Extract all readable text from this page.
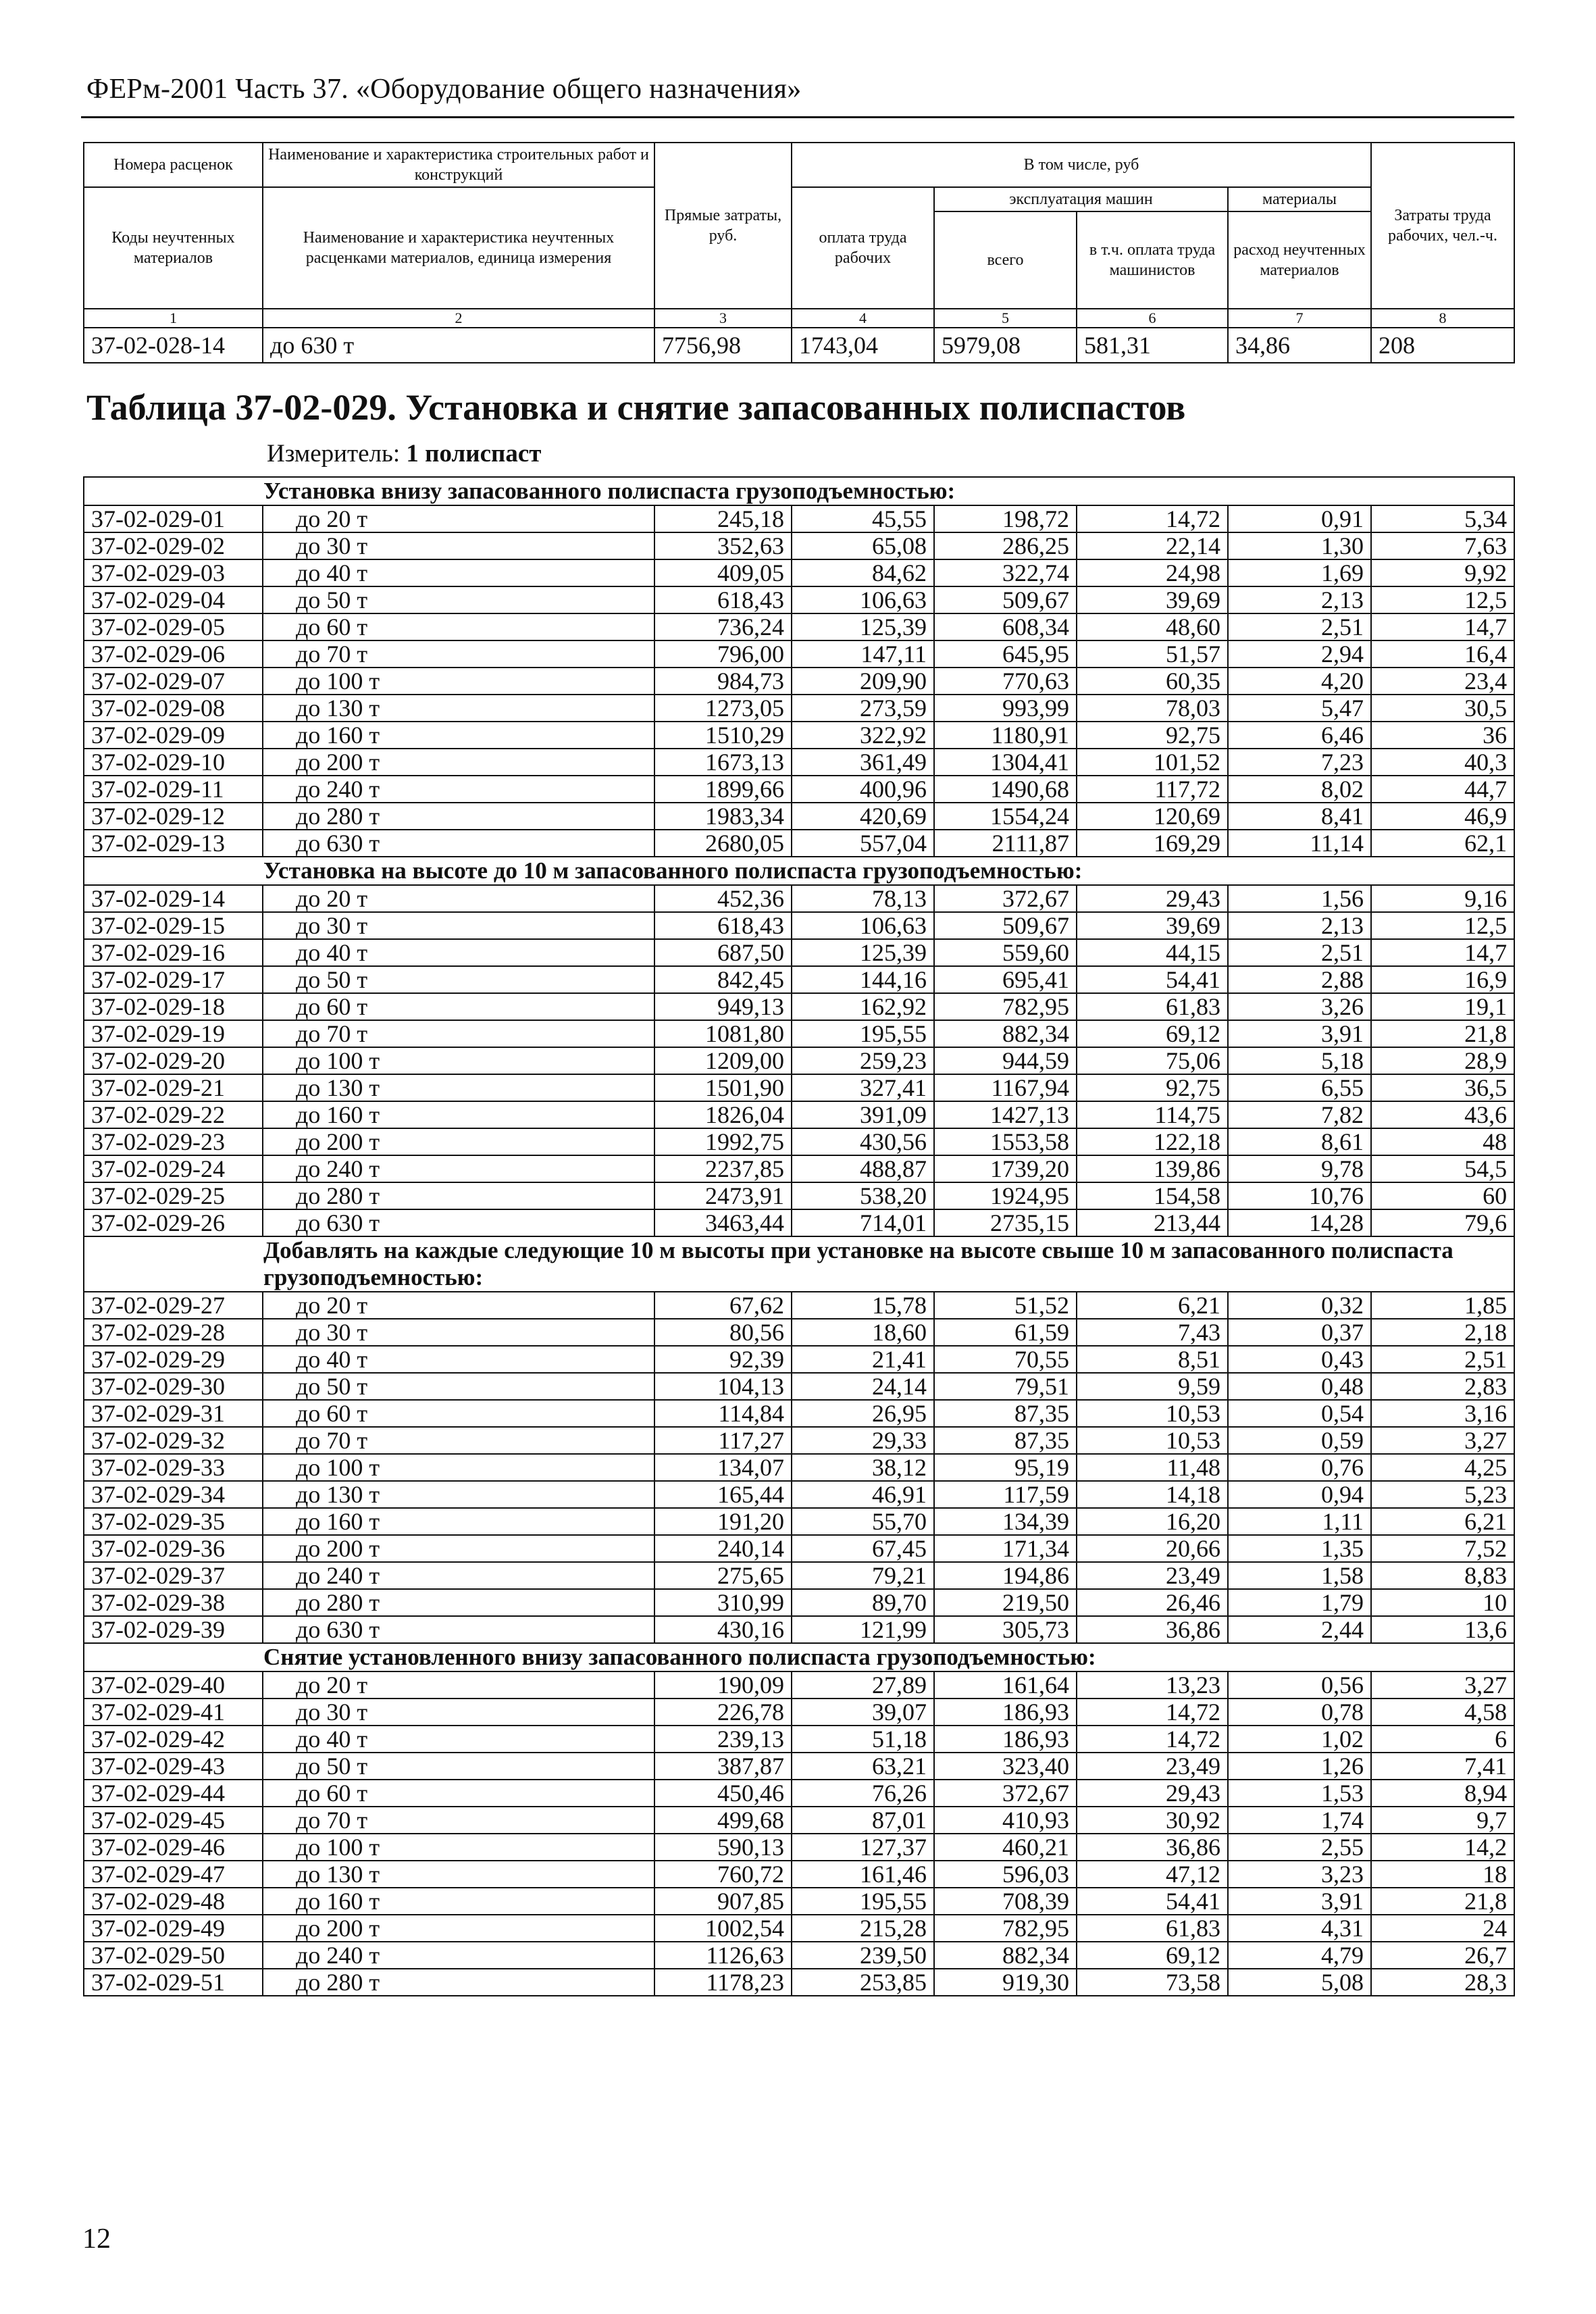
ФЕРм-2001 Часть 37. «Оборудование общего назначения»
Номера расценок	Наименование и характеристика строительных работ и конструкций	Прямые затраты, руб.	В том числе, руб				Затраты труда рабочих, чел.-ч.
Коды неучтенных материалов	Наименование и характеристика неучтенных расценками материалов, единица измерения		оплата труда рабочих	эксплуатация машин		материалы	
				всего	в т.ч. оплата труда машинистов	расход неучтенных материалов	
1	2	3	4	5	6	7	8
37-02-028-14	до 630 т	7756,98	1743,04	5979,08	581,31	34,86	208
Таблица 37-02-029. Установка и снятие запасованных полиспастов
Измеритель: 1 полиспаст
Установка внизу запасованного полиспаста грузоподъемностью:							
37-02-029-01	до 20 т	245,18	45,55	198,72	14,72	0,91	5,34
37-02-029-02	до 30 т	352,63	65,08	286,25	22,14	1,30	7,63
37-02-029-03	до 40 т	409,05	84,62	322,74	24,98	1,69	9,92
37-02-029-04	до 50 т	618,43	106,63	509,67	39,69	2,13	12,5
37-02-029-05	до 60 т	736,24	125,39	608,34	48,60	2,51	14,7
37-02-029-06	до 70 т	796,00	147,11	645,95	51,57	2,94	16,4
37-02-029-07	до 100 т	984,73	209,90	770,63	60,35	4,20	23,4
37-02-029-08	до 130 т	1273,05	273,59	993,99	78,03	5,47	30,5
37-02-029-09	до 160 т	1510,29	322,92	1180,91	92,75	6,46	36
37-02-029-10	до 200 т	1673,13	361,49	1304,41	101,52	7,23	40,3
37-02-029-11	до 240 т	1899,66	400,96	1490,68	117,72	8,02	44,7
37-02-029-12	до 280 т	1983,34	420,69	1554,24	120,69	8,41	46,9
37-02-029-13	до 630 т	2680,05	557,04	2111,87	169,29	11,14	62,1
Установка на высоте до 10 м запасованного полиспаста грузоподъемностью:							
37-02-029-14	до 20 т	452,36	78,13	372,67	29,43	1,56	9,16
37-02-029-15	до 30 т	618,43	106,63	509,67	39,69	2,13	12,5
37-02-029-16	до 40 т	687,50	125,39	559,60	44,15	2,51	14,7
37-02-029-17	до 50 т	842,45	144,16	695,41	54,41	2,88	16,9
37-02-029-18	до 60 т	949,13	162,92	782,95	61,83	3,26	19,1
37-02-029-19	до 70 т	1081,80	195,55	882,34	69,12	3,91	21,8
37-02-029-20	до 100 т	1209,00	259,23	944,59	75,06	5,18	28,9
37-02-029-21	до 130 т	1501,90	327,41	1167,94	92,75	6,55	36,5
37-02-029-22	до 160 т	1826,04	391,09	1427,13	114,75	7,82	43,6
37-02-029-23	до 200 т	1992,75	430,56	1553,58	122,18	8,61	48
37-02-029-24	до 240 т	2237,85	488,87	1739,20	139,86	9,78	54,5
37-02-029-25	до 280 т	2473,91	538,20	1924,95	154,58	10,76	60
37-02-029-26	до 630 т	3463,44	714,01	2735,15	213,44	14,28	79,6
Добавлять на каждые следующие 10 м высоты при установке на высоте свыше 10 м запасованного полиспаста грузоподъемностью:							
37-02-029-27	до 20 т	67,62	15,78	51,52	6,21	0,32	1,85
37-02-029-28	до 30 т	80,56	18,60	61,59	7,43	0,37	2,18
37-02-029-29	до 40 т	92,39	21,41	70,55	8,51	0,43	2,51
37-02-029-30	до 50 т	104,13	24,14	79,51	9,59	0,48	2,83
37-02-029-31	до 60 т	114,84	26,95	87,35	10,53	0,54	3,16
37-02-029-32	до 70 т	117,27	29,33	87,35	10,53	0,59	3,27
37-02-029-33	до 100 т	134,07	38,12	95,19	11,48	0,76	4,25
37-02-029-34	до 130 т	165,44	46,91	117,59	14,18	0,94	5,23
37-02-029-35	до 160 т	191,20	55,70	134,39	16,20	1,11	6,21
37-02-029-36	до 200 т	240,14	67,45	171,34	20,66	1,35	7,52
37-02-029-37	до 240 т	275,65	79,21	194,86	23,49	1,58	8,83
37-02-029-38	до 280 т	310,99	89,70	219,50	26,46	1,79	10
37-02-029-39	до 630 т	430,16	121,99	305,73	36,86	2,44	13,6
Снятие установленного внизу запасованного полиспаста грузоподъемностью:							
37-02-029-40	до 20 т	190,09	27,89	161,64	13,23	0,56	3,27
37-02-029-41	до 30 т	226,78	39,07	186,93	14,72	0,78	4,58
37-02-029-42	до 40 т	239,13	51,18	186,93	14,72	1,02	6
37-02-029-43	до 50 т	387,87	63,21	323,40	23,49	1,26	7,41
37-02-029-44	до 60 т	450,46	76,26	372,67	29,43	1,53	8,94
37-02-029-45	до 70 т	499,68	87,01	410,93	30,92	1,74	9,7
37-02-029-46	до 100 т	590,13	127,37	460,21	36,86	2,55	14,2
37-02-029-47	до 130 т	760,72	161,46	596,03	47,12	3,23	18
37-02-029-48	до 160 т	907,85	195,55	708,39	54,41	3,91	21,8
37-02-029-49	до 200 т	1002,54	215,28	782,95	61,83	4,31	24
37-02-029-50	до 240 т	1126,63	239,50	882,34	69,12	4,79	26,7
37-02-029-51	до 280 т	1178,23	253,85	919,30	73,58	5,08	28,3
12
